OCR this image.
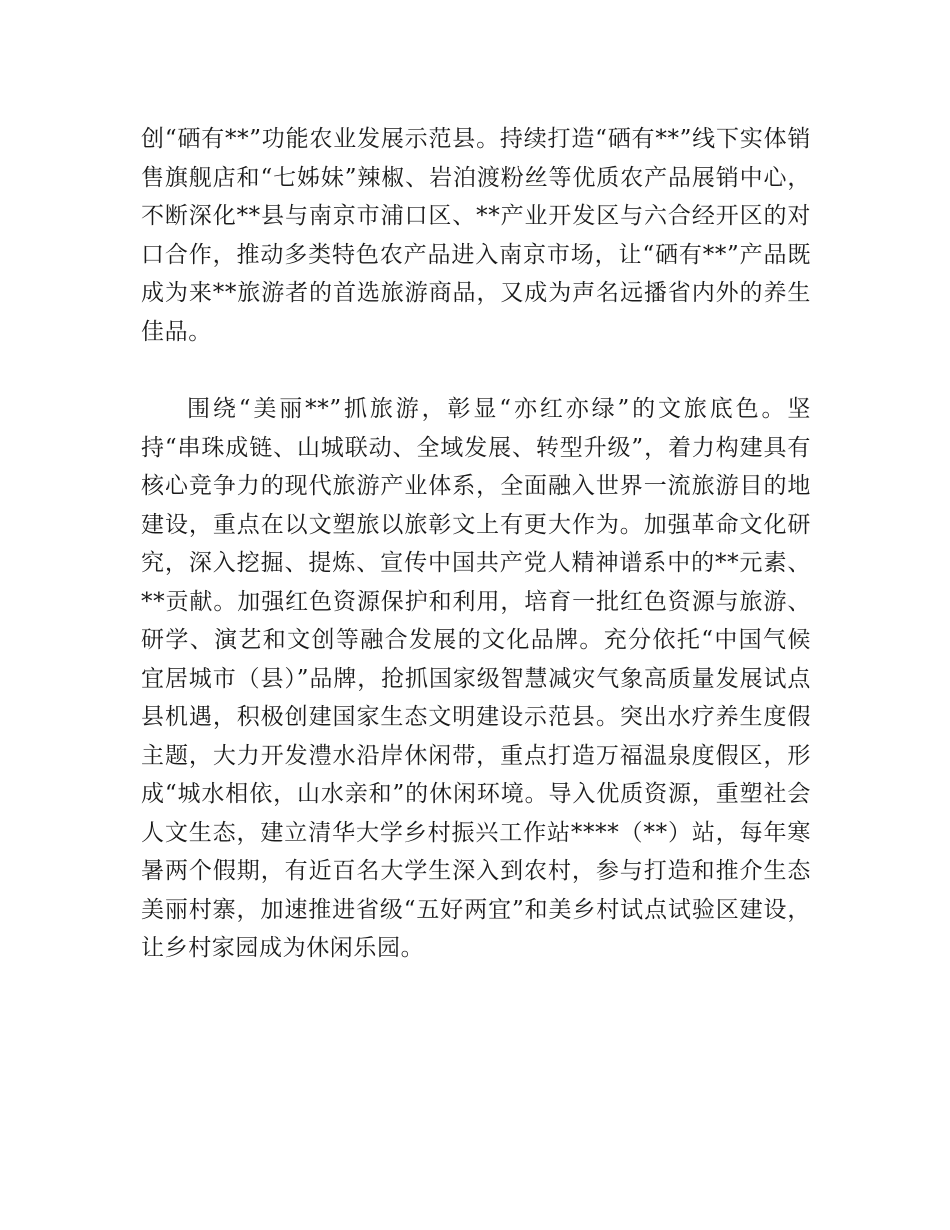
创“硒有**”功能农业发展示范县。持续打造“硒有**”线下实体销售旗舰店和“七姊妹”辣椒、岩泊渡粉丝等优质农产品展销中心，不断深化**县与南京市浦口区、**产业开发区与六合经开区的对口合作，推动多类特色农产品进入南京市场，让“硒有**”产品既成为来**旅游者的首选旅游商品，又成为声名远播省内外的养生佳品。

围绕“美丽**”抓旅游，彰显“亦红亦绿”的文旅底色。坚持“串珠成链、山城联动、全域发展、转型升级”，着力构建具有核心竞争力的现代旅游产业体系，全面融入世界一流旅游目的地建设，重点在以文塑旅以旅彰文上有更大作为。加强革命文化研究，深入挖掘、提炼、宣传中国共产党人精神谱系中的**元素、**贡献。加强红色资源保护和利用，培育一批红色资源与旅游、研学、演艺和文创等融合发展的文化品牌。充分依托“中国气候宜居城市（县）”品牌，抢抓国家级智慧减灾气象高质量发展试点县机遇，积极创建国家生态文明建设示范县。突出水疗养生度假主题，大力开发澧水沿岸休闲带，重点打造万福温泉度假区，形成“城水相依，山水亲和”的休闲环境。导入优质资源，重塑社会人文生态，建立清华大学乡村振兴工作站****（**）站，每年寒暑两个假期，有近百名大学生深入到农村，参与打造和推介生态美丽村寨，加速推进省级“五好两宜”和美乡村试点试验区建设，让乡村家园成为休闲乐园。
